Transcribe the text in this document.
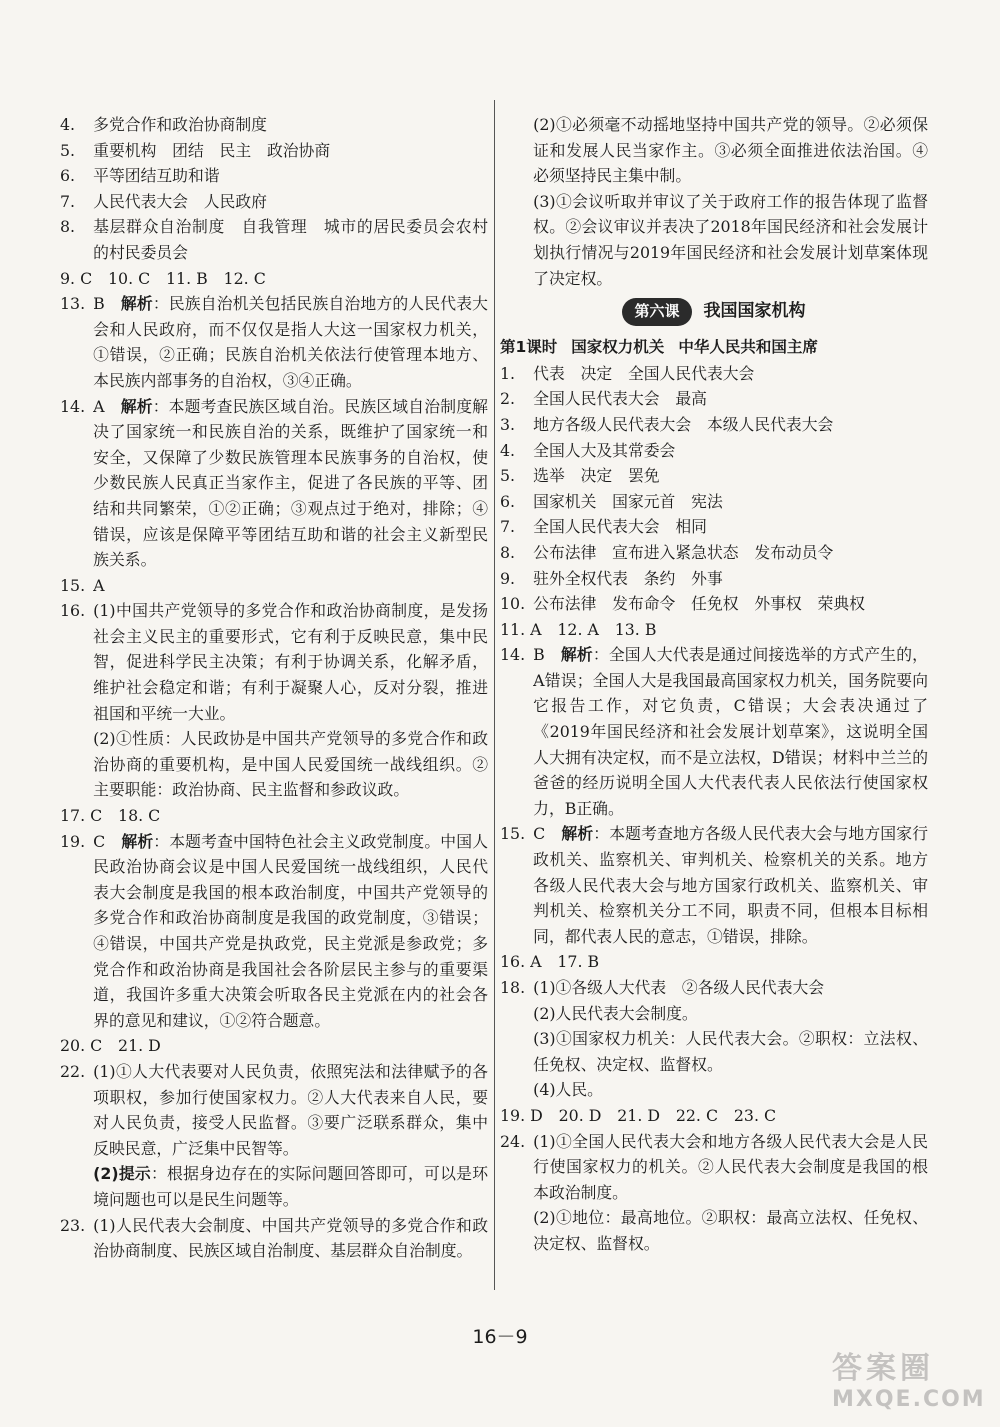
4.	多党合作和政治协商制度
5.	重要机构　团结　民主　政治协商
6.	平等团结互助和谐
7.	人民代表大会　人民政府
8.	基层群众自治制度　自我管理　城市的居民委员会农村的村民委员会
9. C　10. C　11. B　12. C
13. B　 解析：民族自治机关包括民族自治地方的人民代表大会和人民政府，而不仅仅是指人大这一国家权力机关，①错误，②正确；民族自治机关依法行使管理本地方、本民族内部事务的自治权，③④正确。
14. A　 解析：本题考查民族区域自治。民族区域自治制度解决了国家统一和民族自治的关系，既维护了国家统一和安全，又保障了少数民族管理本民族事务的自治权，使少数民族人民真正当家作主，促进了各民族的平等、团结和共同繁荣，①②正确；③观点过于绝对，排除；④错误，应该是保障平等团结互助和谐的社会主义新型民族关系。
15. A
16. (1)中国共产党领导的多党合作和政治协商制度，是发扬社会主义民主的重要形式，它有利于反映民意，集中民智，促进科学民主决策；有利于协调关系，化解矛盾，维护社会稳定和谐；有利于凝聚人心，反对分裂，推进祖国和平统一大业。
(2)①性质：人民政协是中国共产党领导的多党合作和政治协商的重要机构，是中国人民爱国统一战线组织。②主要职能：政治协商、民主监督和参政议政。
17. C　18. C
19. C　 解析：本题考查中国特色社会主义政党制度。中国人民政治协商会议是中国人民爱国统一战线组织，人民代表大会制度是我国的根本政治制度，中国共产党领导的多党合作和政治协商制度是我国的政党制度，③错误；④错误，中国共产党是执政党，民主党派是参政党；多党合作和政治协商是我国社会各阶层民主参与的重要渠道，我国许多重大决策会听取各民主党派在内的社会各界的意见和建议，①②符合题意。
20. C　21. D
22. (1)①人大代表要对人民负责，依照宪法和法律赋予的各项职权，参加行使国家权力。②人大代表来自人民，要对人民负责，接受人民监督。③要广泛联系群众，集中反映民意，广泛集中民智等。
(2)提示：根据身边存在的实际问题回答即可，可以是环境问题也可以是民生问题等。
23. (1)人民代表大会制度、中国共产党领导的多党合作和政治协商制度、民族区域自治制度、基层群众自治制度。
(2)①必须毫不动摇地坚持中国共产党的领导。②必须保证和发展人民当家作主。③必须全面推进依法治国。④必须坚持民主集中制。
(3)①会议听取并审议了关于政府工作的报告体现了监督权。②会议审议并表决了2018年国民经济和社会发展计划执行情况与2019年国民经济和社会发展计划草案体现了决定权。
第六课	我国国家机构
第1课时 国家权力机关 中华人民共和国主席
1.	代表　决定　全国人民代表大会
2.	全国人民代表大会　最高
3.	地方各级人民代表大会　本级人民代表大会
4.	全国人大及其常委会
5.	选举　决定　罢免
6.	国家机关　国家元首　宪法
7.	全国人民代表大会　相同
8.	公布法律　宣布进入紧急状态　发布动员令
9.	驻外全权代表　条约　外事
10. 公布法律　发布命令　任免权　外事权　荣典权
11. A　12. A　13. B
14. B　 解析：全国人大代表是通过间接选举的方式产生的，A错误；全国人大是我国最高国家权力机关，国务院要向它报告工作，对它负责，C错误；大会表决通过了《2019年国民经济和社会发展计划草案》，这说明全国人大拥有决定权，而不是立法权，D错误；材料中兰兰的爸爸的经历说明全国人大代表代表人民依法行使国家权力，B正确。
15. C　 解析：本题考查地方各级人民代表大会与地方国家行政机关、监察机关、审判机关、检察机关的关系。地方各级人民代表大会与地方国家行政机关、监察机关、审判机关、检察机关分工不同，职责不同，但根本目标相同，都代表人民的意志，①错误，排除。
16. A　17. B
18. (1)①各级人大代表　②各级人民代表大会
(2)人民代表大会制度。
(3)①国家权力机关：人民代表大会。②职权：立法权、任免权、决定权、监督权。
(4)人民。
19. D　20. D　21. D　22. C　23. C
24. (1)①全国人民代表大会和地方各级人民代表大会是人民行使国家权力的机关。②人民代表大会制度是我国的根本政治制度。
(2)①地位：最高地位。②职权：最高立法权、任免权、决定权、监督权。
16－9
答案圈
MXQE.COM
